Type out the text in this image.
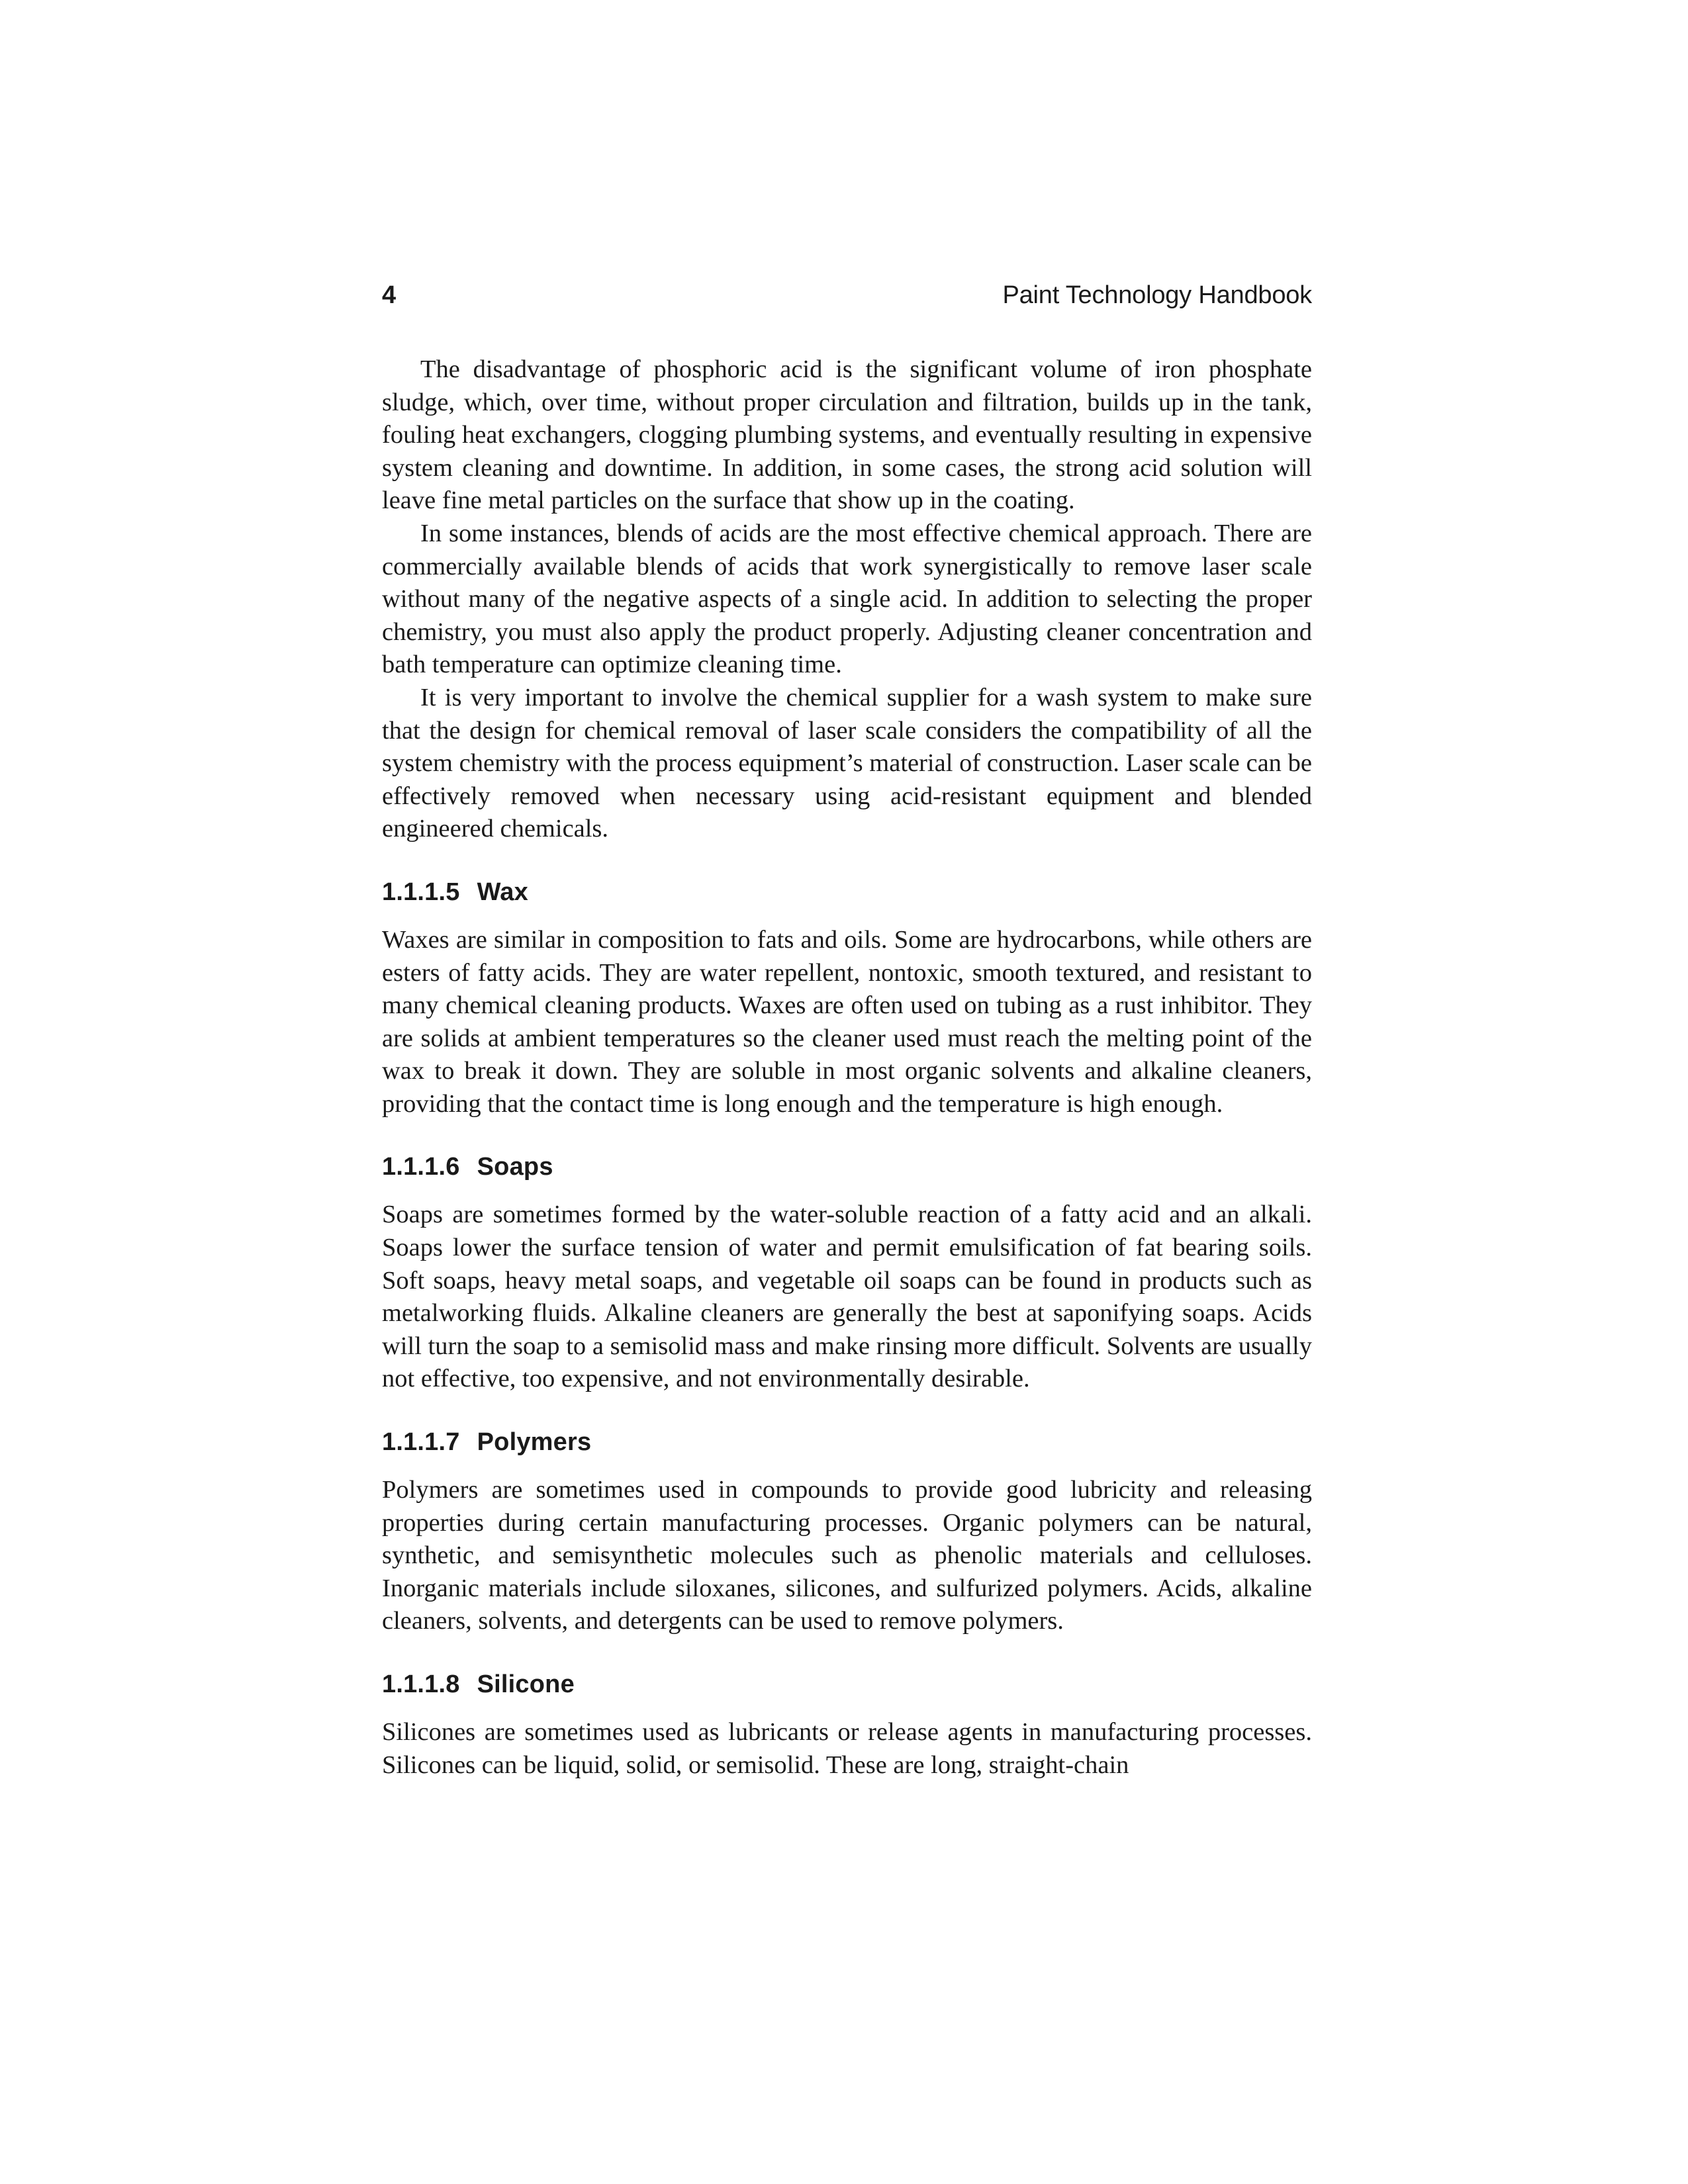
4	Paint Technology Handbook

The disadvantage of phosphoric acid is the significant volume of iron phosphate sludge, which, over time, without proper circulation and filtration, builds up in the tank, fouling heat exchangers, clogging plumbing systems, and eventually resulting in expensive system cleaning and downtime. In addition, in some cases, the strong acid solution will leave fine metal particles on the surface that show up in the coating.

In some instances, blends of acids are the most effective chemical approach. There are commercially available blends of acids that work synergistically to remove laser scale without many of the negative aspects of a single acid. In addition to selecting the proper chemistry, you must also apply the product properly. Adjusting cleaner concentration and bath temperature can optimize cleaning time.

It is very important to involve the chemical supplier for a wash system to make sure that the design for chemical removal of laser scale considers the compatibility of all the system chemistry with the process equipment’s material of construction. Laser scale can be effectively removed when necessary using acid-resistant equipment and blended engineered chemicals.

1.1.1.5 Wax

Waxes are similar in composition to fats and oils. Some are hydrocarbons, while others are esters of fatty acids. They are water repellent, nontoxic, smooth textured, and resistant to many chemical cleaning products. Waxes are often used on tubing as a rust inhibitor. They are solids at ambient temperatures so the cleaner used must reach the melting point of the wax to break it down. They are soluble in most organic solvents and alkaline cleaners, providing that the contact time is long enough and the temperature is high enough.

1.1.1.6 Soaps

Soaps are sometimes formed by the water-soluble reaction of a fatty acid and an alkali. Soaps lower the surface tension of water and permit emulsification of fat bearing soils. Soft soaps, heavy metal soaps, and vegetable oil soaps can be found in products such as metalworking fluids. Alkaline cleaners are generally the best at saponifying soaps. Acids will turn the soap to a semisolid mass and make rinsing more difficult. Solvents are usually not effective, too expensive, and not environmentally desirable.

1.1.1.7 Polymers

Polymers are sometimes used in compounds to provide good lubricity and releasing properties during certain manufacturing processes. Organic polymers can be natural, synthetic, and semisynthetic molecules such as phenolic materials and celluloses. Inorganic materials include siloxanes, silicones, and sulfurized polymers. Acids, alkaline cleaners, solvents, and detergents can be used to remove polymers.

1.1.1.8 Silicone

Silicones are sometimes used as lubricants or release agents in manufacturing processes. Silicones can be liquid, solid, or semisolid. These are long, straight-chain
